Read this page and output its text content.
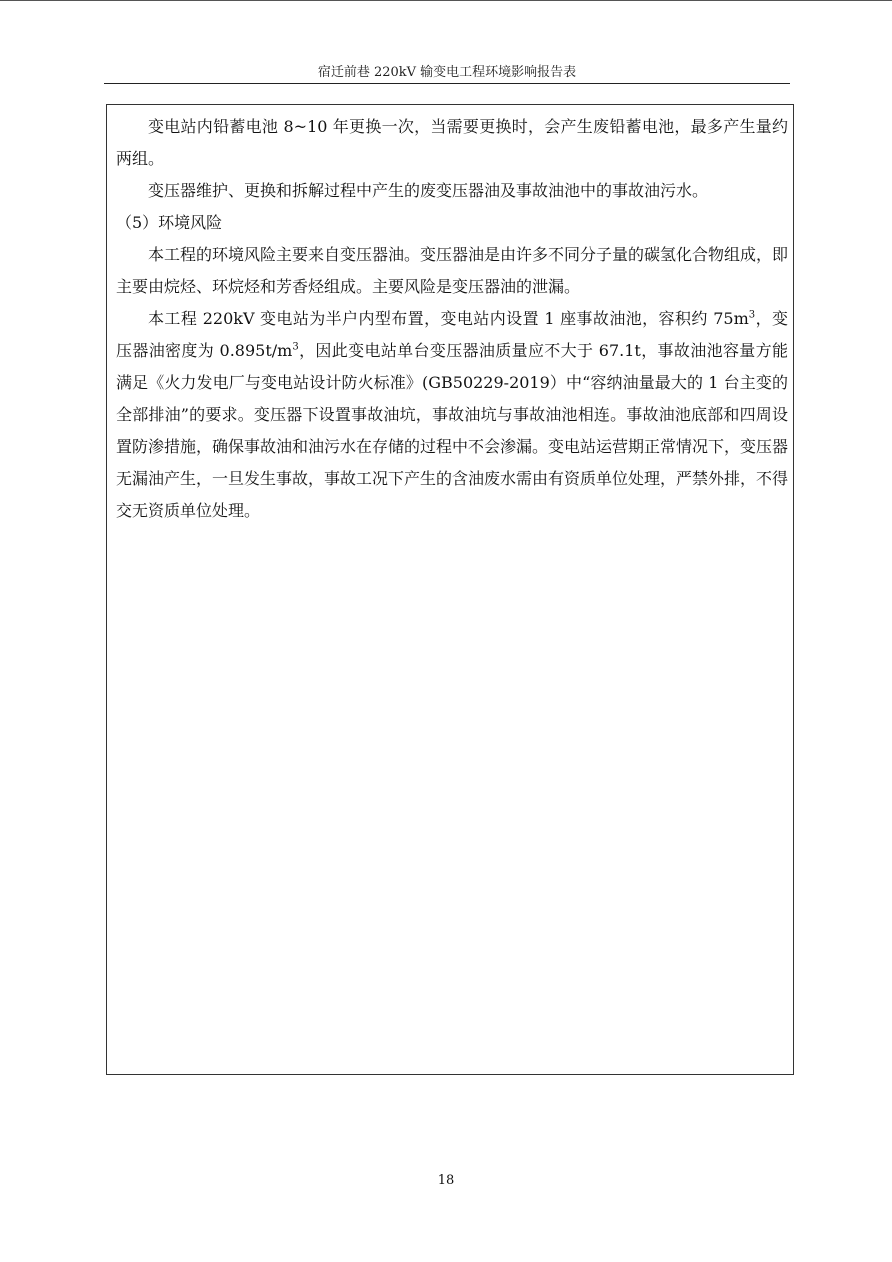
宿迁前巷 220kV 输变电工程环境影响报告表

变电站内铅蓄电池 8~10 年更换一次，当需要更换时，会产生废铅蓄电池，最多产生量约两组。

变压器维护、更换和拆解过程中产生的废变压器油及事故油池中的事故油污水。

（5）环境风险

本工程的环境风险主要来自变压器油。变压器油是由许多不同分子量的碳氢化合物组成，即主要由烷烃、环烷烃和芳香烃组成。主要风险是变压器油的泄漏。

本工程 220kV 变电站为半户内型布置，变电站内设置 1 座事故油池，容积约 $75m^3$，变压器油密度为 $0.895t/m^3$，因此变电站单台变压器油质量应不大于 67.1t，事故油池容量方能满足《火力发电厂与变电站设计防火标准》(GB50229-2019）中“容纳油量最大的 1 台主变的全部排油”的要求。变压器下设置事故油坑，事故油坑与事故油池相连。事故油池底部和四周设置防渗措施，确保事故油和油污水在存储的过程中不会渗漏。变电站运营期正常情况下，变压器无漏油产生，一旦发生事故，事故工况下产生的含油废水需由有资质单位处理，严禁外排，不得交无资质单位处理。

18
